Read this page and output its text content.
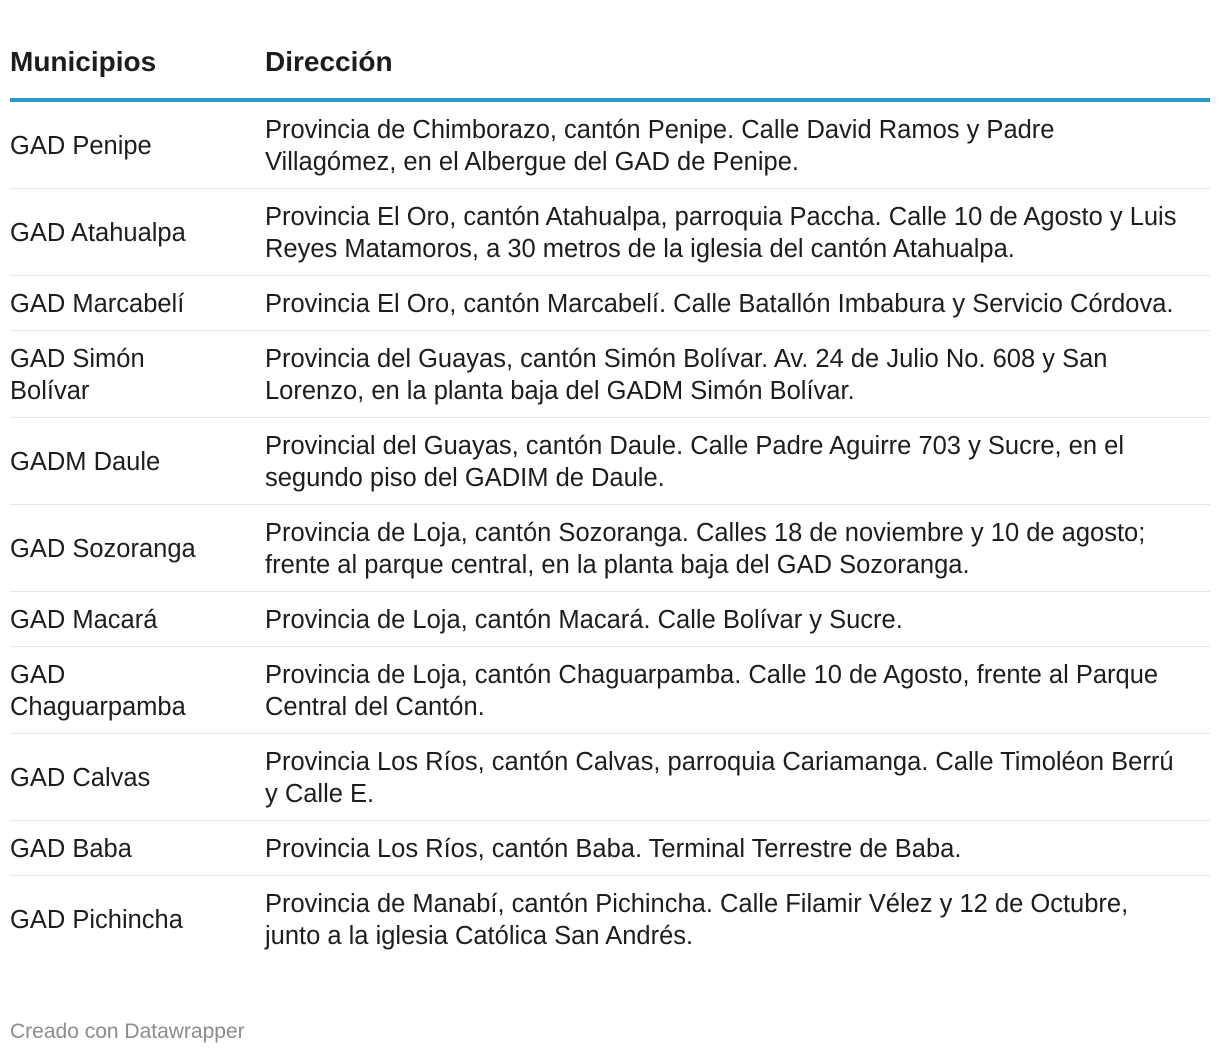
Municipios	Dirección
GAD Penipe	Provincia de Chimborazo, cantón Penipe. Calle David Ramos y Padre Villagómez, en el Albergue del GAD de Penipe.
GAD Atahualpa	Provincia El Oro, cantón Atahualpa, parroquia Paccha. Calle 10 de Agosto y Luis Reyes Matamoros, a 30 metros de la iglesia del cantón Atahualpa.
GAD Marcabelí	Provincia El Oro, cantón Marcabelí. Calle Batallón Imbabura y Servicio Córdova.
GAD Simón Bolívar	Provincia del Guayas, cantón Simón Bolívar. Av. 24 de Julio No. 608 y San Lorenzo, en la planta baja del GADM Simón Bolívar.
GADM Daule	Provincial del Guayas, cantón Daule. Calle Padre Aguirre 703 y Sucre, en el segundo piso del GADIM de Daule.
GAD Sozoranga	Provincia de Loja, cantón Sozoranga. Calles 18 de noviembre y 10 de agosto; frente al parque central, en la planta baja del GAD Sozoranga.
GAD Macará	Provincia de Loja, cantón Macará. Calle Bolívar y Sucre.
GAD Chaguarpamba	Provincia de Loja, cantón Chaguarpamba. Calle 10 de Agosto, frente al Parque Central del Cantón.
GAD Calvas	Provincia Los Ríos, cantón Calvas, parroquia Cariamanga. Calle Timoléon Berrú y Calle E.
GAD Baba	Provincia Los Ríos, cantón Baba. Terminal Terrestre de Baba.
GAD Pichincha	Provincia de Manabí, cantón Pichincha. Calle Filamir Vélez y 12 de Octubre, junto a la iglesia Católica San Andrés.
Creado con Datawrapper
